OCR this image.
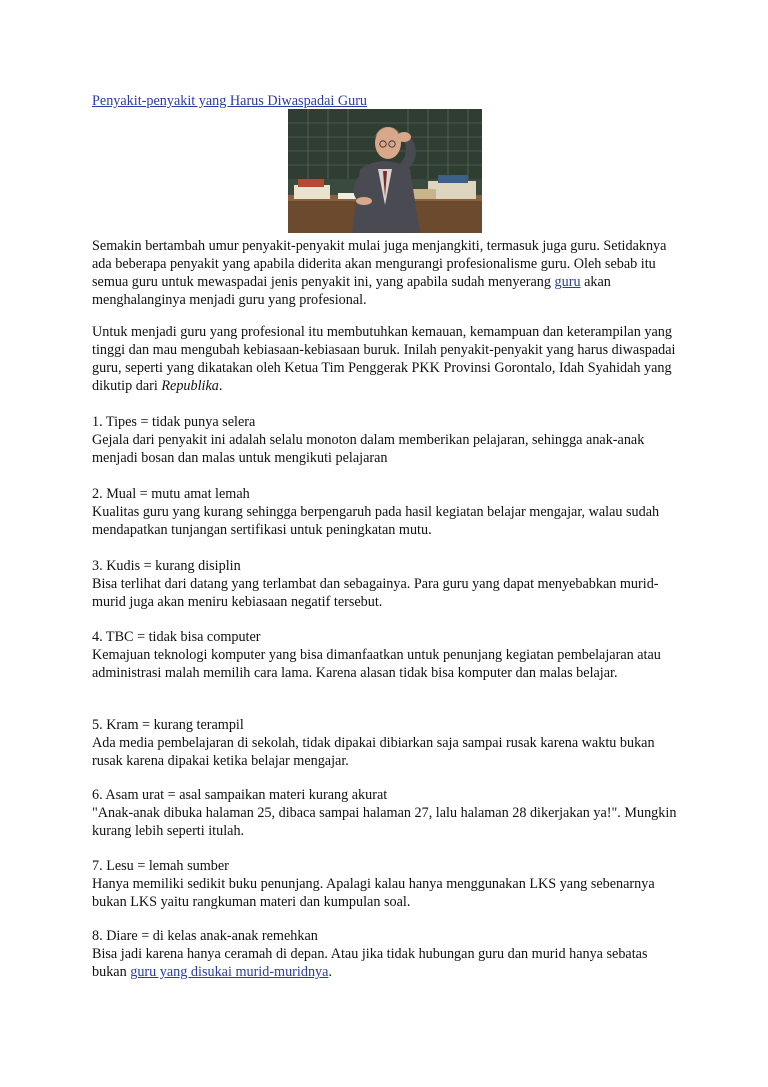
Penyakit-penyakit yang Harus Diwaspadai Guru

Semakin bertambah umur penyakit-penyakit mulai juga menjangkiti, termasuk juga guru. Setidaknya ada beberapa penyakit yang apabila diderita akan mengurangi profesionalisme guru. Oleh sebab itu semua guru untuk mewaspadai jenis penyakit ini, yang apabila sudah menyerang guru akan menghalanginya menjadi guru yang profesional.

Untuk menjadi guru yang profesional itu membutuhkan kemauan, kemampuan dan keterampilan yang tinggi dan mau mengubah kebiasaan-kebiasaan buruk. Inilah penyakit-penyakit yang harus diwaspadai guru, seperti yang dikatakan oleh Ketua Tim Penggerak PKK Provinsi Gorontalo, Idah Syahidah yang dikutip dari Republika.

1. Tipes = tidak punya selera

Gejala dari penyakit ini adalah selalu monoton dalam memberikan pelajaran, sehingga anak-anak menjadi bosan dan malas untuk mengikuti pelajaran

2. Mual = mutu amat lemah

Kualitas guru yang kurang sehingga berpengaruh pada hasil kegiatan belajar mengajar, walau sudah mendapatkan tunjangan sertifikasi untuk peningkatan mutu.

3. Kudis = kurang disiplin

Bisa terlihat dari datang yang terlambat dan sebagainya. Para guru yang dapat menyebabkan murid-murid juga akan meniru kebiasaan negatif tersebut.

4. TBC = tidak bisa computer

Kemajuan teknologi komputer yang bisa dimanfaatkan untuk penunjang kegiatan pembelajaran atau administrasi malah memilih cara lama. Karena alasan tidak bisa komputer dan malas belajar.

5. Kram = kurang terampil

Ada media pembelajaran di sekolah, tidak dipakai dibiarkan saja sampai rusak karena waktu bukan rusak karena dipakai ketika belajar mengajar.

6. Asam urat = asal sampaikan materi kurang akurat

"Anak-anak dibuka halaman 25, dibaca sampai halaman 27, lalu halaman 28 dikerjakan ya!". Mungkin kurang lebih seperti itulah.

7. Lesu = lemah sumber

Hanya memiliki sedikit buku penunjang. Apalagi kalau hanya menggunakan LKS yang sebenarnya bukan LKS yaitu rangkuman materi dan kumpulan soal.

8. Diare = di kelas anak-anak remehkan

Bisa jadi karena hanya ceramah di depan. Atau jika tidak hubungan guru dan murid hanya sebatas bukan guru yang disukai murid-muridnya.
